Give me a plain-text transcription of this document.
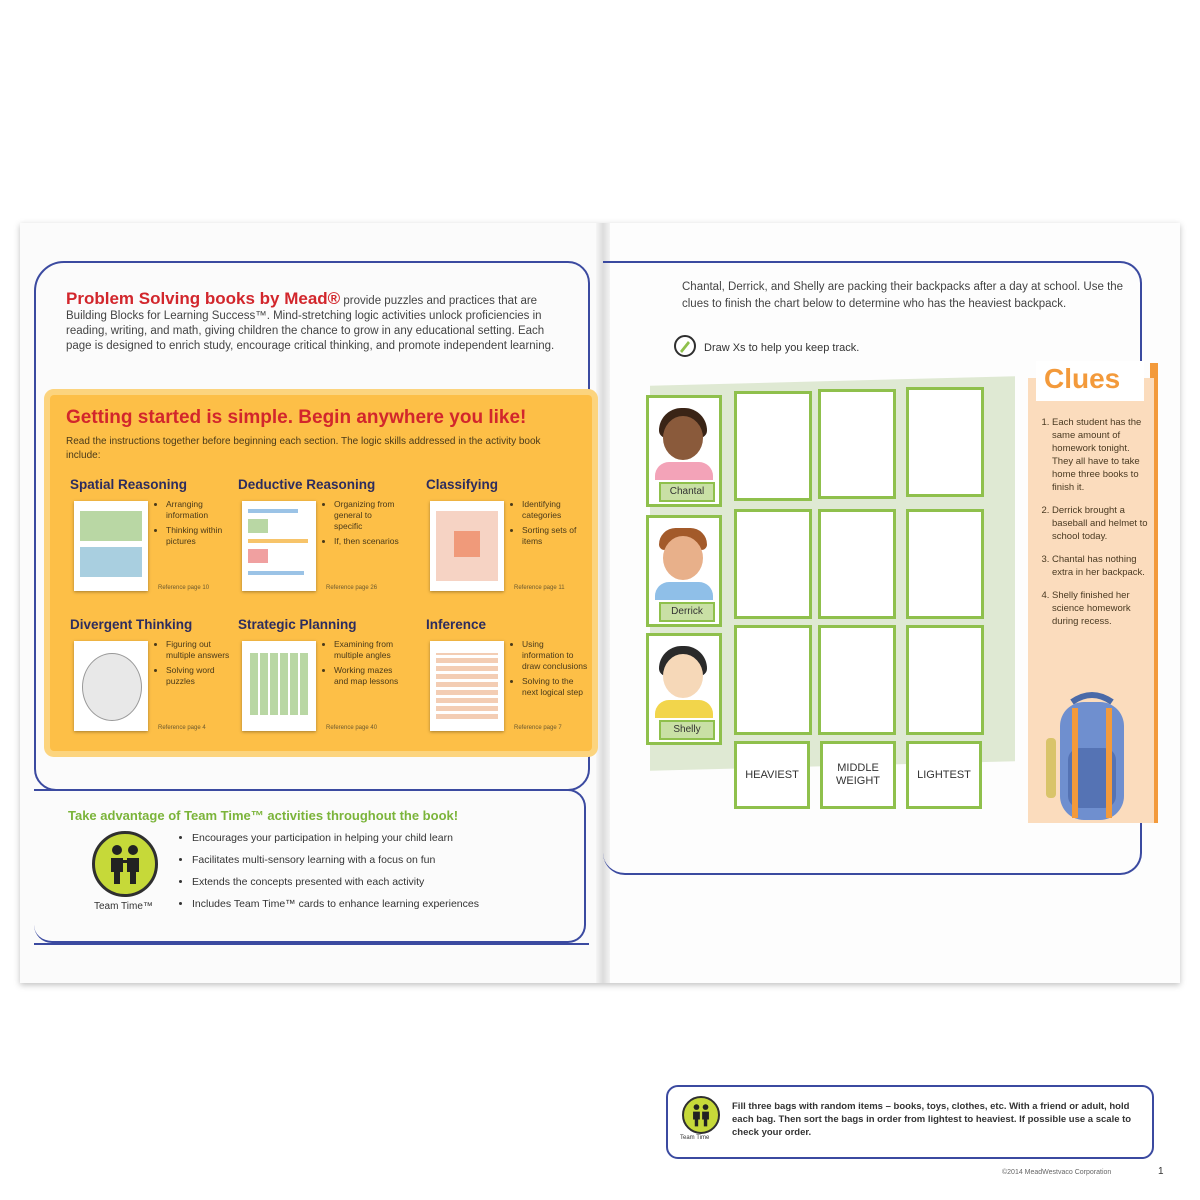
Problem Solving books by Mead® provide puzzles and practices that are Building Blocks for Learning Success™. Mind-stretching logic activities unlock proficiencies in reading, writing, and math, giving children the chance to grow in any educational setting. Each page is designed to enrich study, encourage critical thinking, and promote independent learning.
Getting started is simple. Begin anywhere you like!
Read the instructions together before beginning each section. The logic skills addressed in the activity book include:
Spatial Reasoning
• Arranging information
• Thinking within pictures
Reference page 10
Deductive Reasoning
• Organizing from general to specific
• If, then scenarios
Reference page 26
Classifying
• Identifying categories
• Sorting sets of items
Reference page 11
Divergent Thinking
• Figuring out multiple answers
• Solving word puzzles
Reference page 4
Strategic Planning
• Examining from multiple angles
• Working mazes and map lessons
Reference page 40
Inference
• Using information to draw conclusions
• Solving to the next logical step
Reference page 7
Take advantage of Team Time™ activities throughout the book!
Team Time™
• Encourages your participation in helping your child learn
• Facilitates multi-sensory learning with a focus on fun
• Extends the concepts presented with each activity
• Includes Team Time™ cards to enhance learning experiences
Chantal, Derrick, and Shelly are packing their backpacks after a day at school. Use the clues to finish the chart below to determine who has the heaviest backpack.
Draw Xs to help you keep track.
Chantal
Derrick
Shelly
HEAVIEST
MIDDLE WEIGHT
LIGHTEST
1. Each student has the same amount of homework tonight. They all have to take home three books to finish it.
2. Derrick brought a baseball and helmet to school today.
3. Chantal has nothing extra in her backpack.
4. Shelly finished her science homework during recess.
Clues
Team Time
Fill three bags with random items – books, toys, clothes, etc. With a friend or adult, hold each bag. Then sort the bags in order from lightest to heaviest. If possible use a scale to check your order.
©2014 MeadWestvaco Corporation	1
